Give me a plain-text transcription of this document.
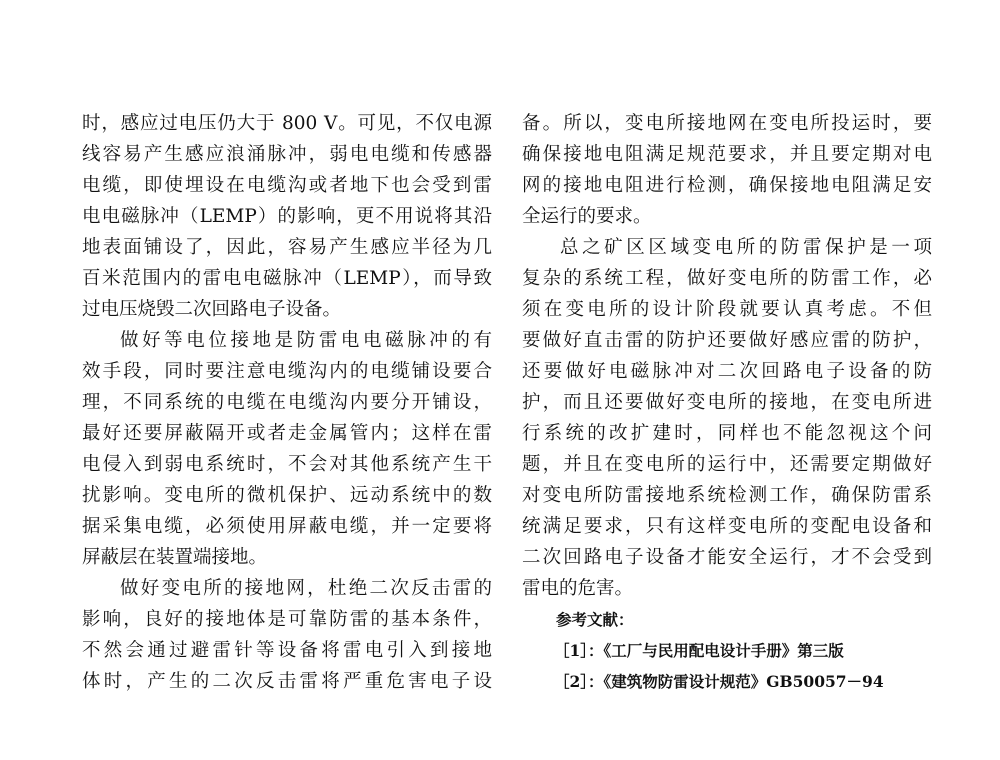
时，感应过电压仍大于 800 V。可见，不仅电源
线容易产生感应浪涌脉冲，弱电电缆和传感器
电缆，即使埋设在电缆沟或者地下也会受到雷
电电磁脉冲（LEMP）的影响，更不用说将其沿
地表面铺设了，因此，容易产生感应半径为几
百米范围内的雷电电磁脉冲（LEMP），而导致
过电压烧毁二次回路电子设备。
做好等电位接地是防雷电电磁脉冲的有
效手段，同时要注意电缆沟内的电缆铺设要合
理，不同系统的电缆在电缆沟内要分开铺设，
最好还要屏蔽隔开或者走金属管内；这样在雷
电侵入到弱电系统时，不会对其他系统产生干
扰影响。变电所的微机保护、远动系统中的数
据采集电缆，必须使用屏蔽电缆，并一定要将
屏蔽层在装置端接地。
做好变电所的接地网，杜绝二次反击雷的
影响，良好的接地体是可靠防雷的基本条件，
不然会通过避雷针等设备将雷电引入到接地
体时，产生的二次反击雷将严重危害电子设
备。所以，变电所接地网在变电所投运时，要
确保接地电阻满足规范要求，并且要定期对电
网的接地电阻进行检测，确保接地电阻满足安
全运行的要求。
总之矿区区域变电所的防雷保护是一项
复杂的系统工程，做好变电所的防雷工作，必
须在变电所的设计阶段就要认真考虑。不但
要做好直击雷的防护还要做好感应雷的防护，
还要做好电磁脉冲对二次回路电子设备的防
护，而且还要做好变电所的接地，在变电所进
行系统的改扩建时，同样也不能忽视这个问
题，并且在变电所的运行中，还需要定期做好
对变电所防雷接地系统检测工作，确保防雷系
统满足要求，只有这样变电所的变配电设备和
二次回路电子设备才能安全运行，才不会受到
雷电的危害。
参考文献：
［1］：《工厂与民用配电设计手册》第三版
［2］：《建筑物防雷设计规范》GB50057－94
